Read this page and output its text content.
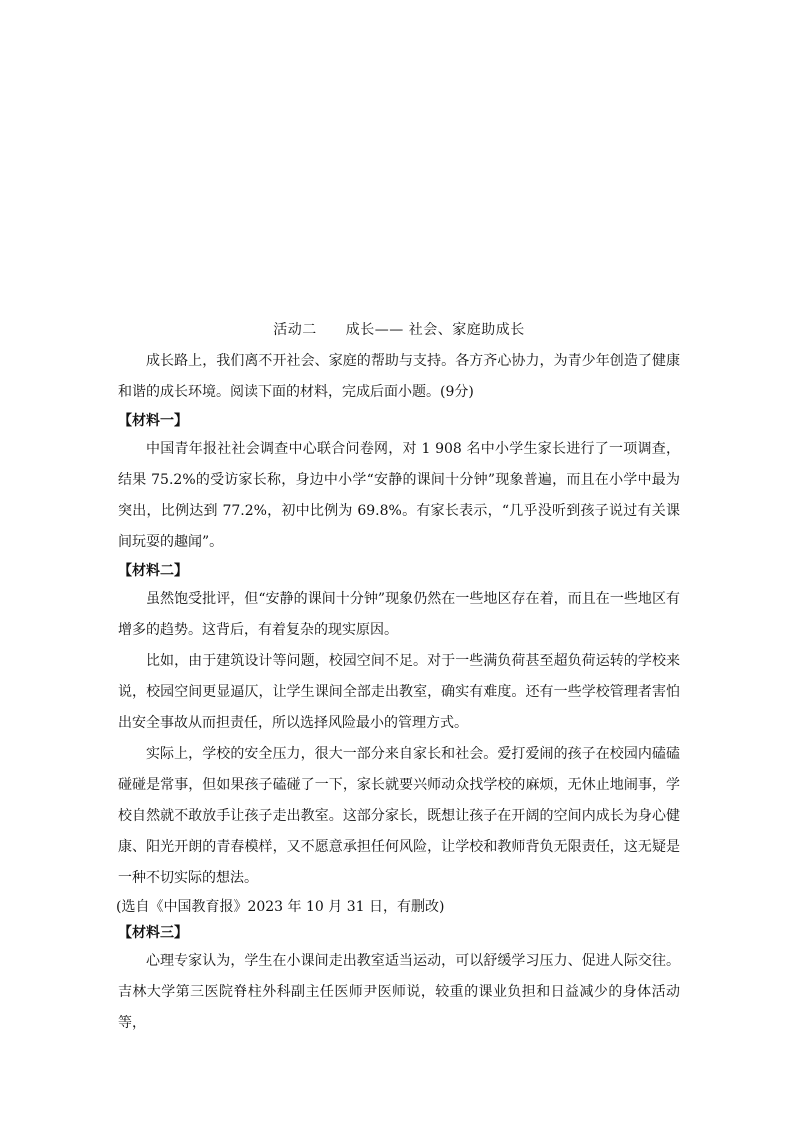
活动二　　成长—— 社会、家庭助成长

成长路上，我们离不开社会、家庭的帮助与支持。各方齐心协力，为青少年创造了健康和谐的成长环境。阅读下面的材料，完成后面小题。(9分)

【材料一】

中国青年报社社会调查中心联合问卷网，对 1 908 名中小学生家长进行了一项调查，结果 75.2%的受访家长称，身边中小学“安静的课间十分钟”现象普遍，而且在小学中最为突出，比例达到 77.2%，初中比例为 69.8%。有家长表示，“几乎没听到孩子说过有关课间玩耍的趣闻”。

【材料二】

虽然饱受批评，但“安静的课间十分钟”现象仍然在一些地区存在着，而且在一些地区有增多的趋势。这背后，有着复杂的现实原因。

比如，由于建筑设计等问题，校园空间不足。对于一些满负荷甚至超负荷运转的学校来说，校园空间更显逼仄，让学生课间全部走出教室，确实有难度。还有一些学校管理者害怕出安全事故从而担责任，所以选择风险最小的管理方式。

实际上，学校的安全压力，很大一部分来自家长和社会。爱打爱闹的孩子在校园内磕磕碰碰是常事，但如果孩子磕碰了一下，家长就要兴师动众找学校的麻烦，无休止地闹事，学校自然就不敢放手让孩子走出教室。这部分家长，既想让孩子在开阔的空间内成长为身心健康、阳光开朗的青春模样，又不愿意承担任何风险，让学校和教师背负无限责任，这无疑是一种不切实际的想法。

(选自《中国教育报》2023 年 10 月 31 日，有删改)
【材料三】

心理专家认为，学生在小课间走出教室适当运动，可以舒缓学习压力、促进人际交往。吉林大学第三医院脊柱外科副主任医师尹医师说，较重的课业负担和日益减少的身体活动等，
